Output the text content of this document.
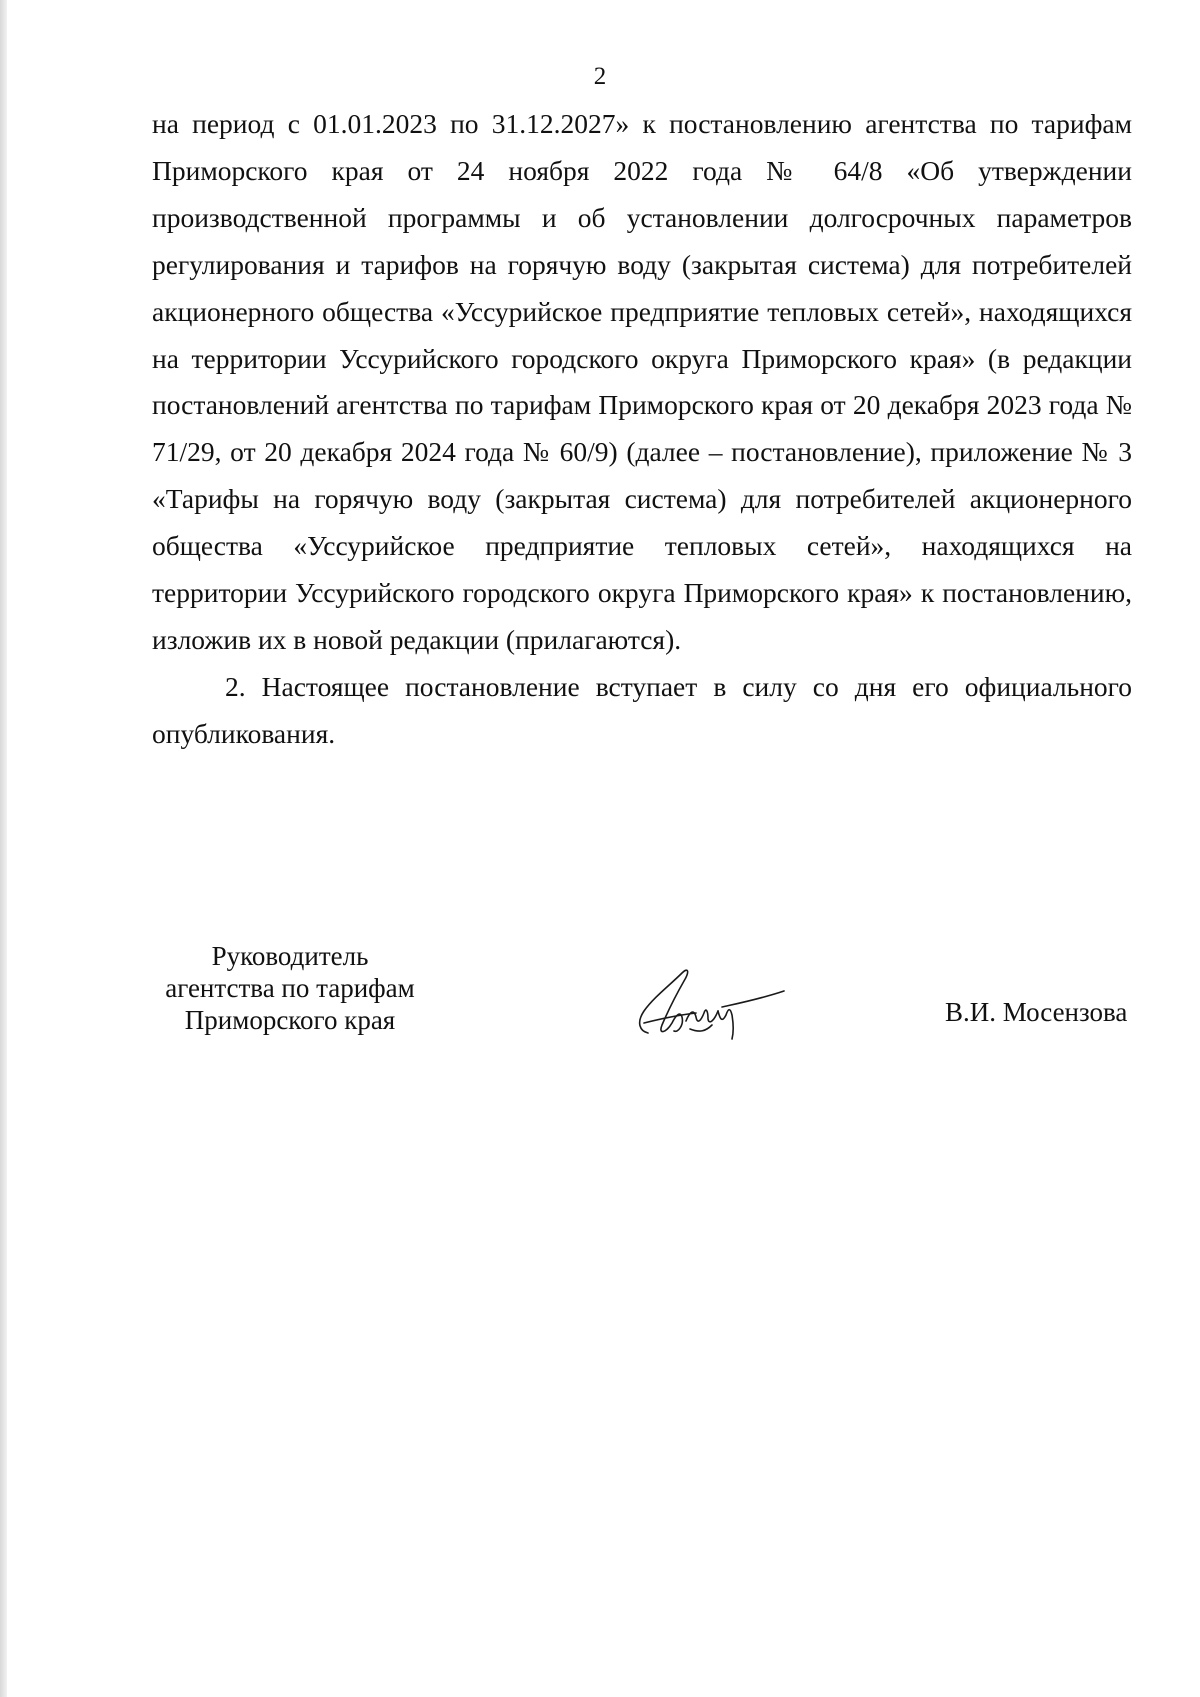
2

на период с 01.01.2023 по 31.12.2027» к постановлению агентства по тарифам Приморского края от 24 ноября 2022 года № 64/8 «Об утверждении производственной программы и об установлении долгосрочных параметров регулирования и тарифов на горячую воду (закрытая система) для потребителей акционерного общества «Уссурийское предприятие тепловых сетей», находящихся на территории Уссурийского городского округа Приморского края» (в редакции постановлений агентства по тарифам Приморского края от 20 декабря 2023 года № 71/29, от 20 декабря 2024 года № 60/9) (далее – постановление), приложение № 3 «Тарифы на горячую воду (закрытая система) для потребителей акционерного общества «Уссурийское предприятие тепловых сетей», находящихся на территории Уссурийского городского округа Приморского края» к постановлению, изложив их в новой редакции (прилагаются).

2. Настоящее постановление вступает в силу со дня его официального опубликования.

Руководитель
агентства по тарифам
Приморского края	В.И. Мосензова
